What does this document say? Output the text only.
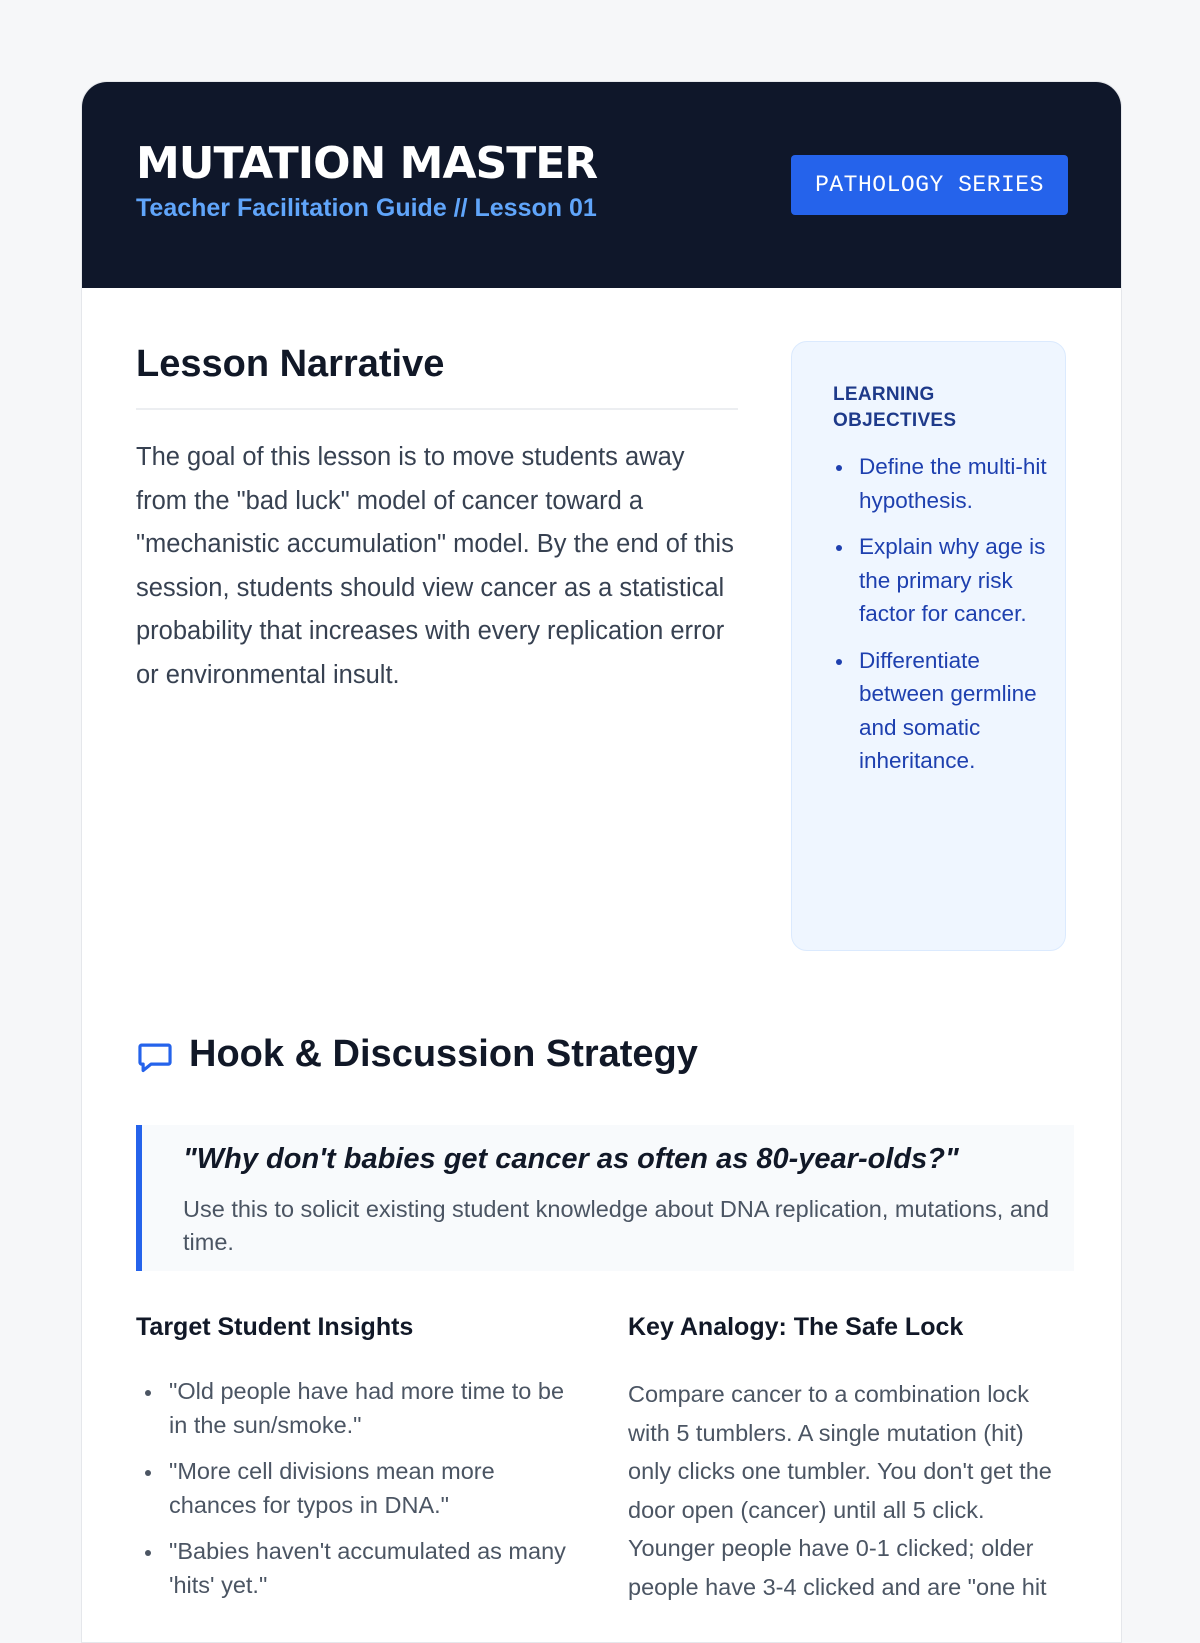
MUTATION MASTER
Teacher Facilitation Guide // Lesson 01
PATHOLOGY SERIES
Lesson Narrative
The goal of this lesson is to move students away from the "bad luck" model of cancer toward a "mechanistic accumulation" model. By the end of this session, students should view cancer as a statistical probability that increases with every replication error or environmental insult.
LEARNING OBJECTIVES
Define the multi-hit hypothesis.
Explain why age is the primary risk factor for cancer.
Differentiate between germline and somatic inheritance.
Hook & Discussion Strategy
"Why don't babies get cancer as often as 80-year-olds?"
Use this to solicit existing student knowledge about DNA replication, mutations, and time.
Target Student Insights
"Old people have had more time to be in the sun/smoke."
"More cell divisions mean more chances for typos in DNA."
"Babies haven't accumulated as many 'hits' yet."
Key Analogy: The Safe Lock
Compare cancer to a combination lock with 5 tumblers. A single mutation (hit) only clicks one tumbler. You don't get the door open (cancer) until all 5 click. Younger people have 0-1 clicked; older people have 3-4 clicked and are "one hit
